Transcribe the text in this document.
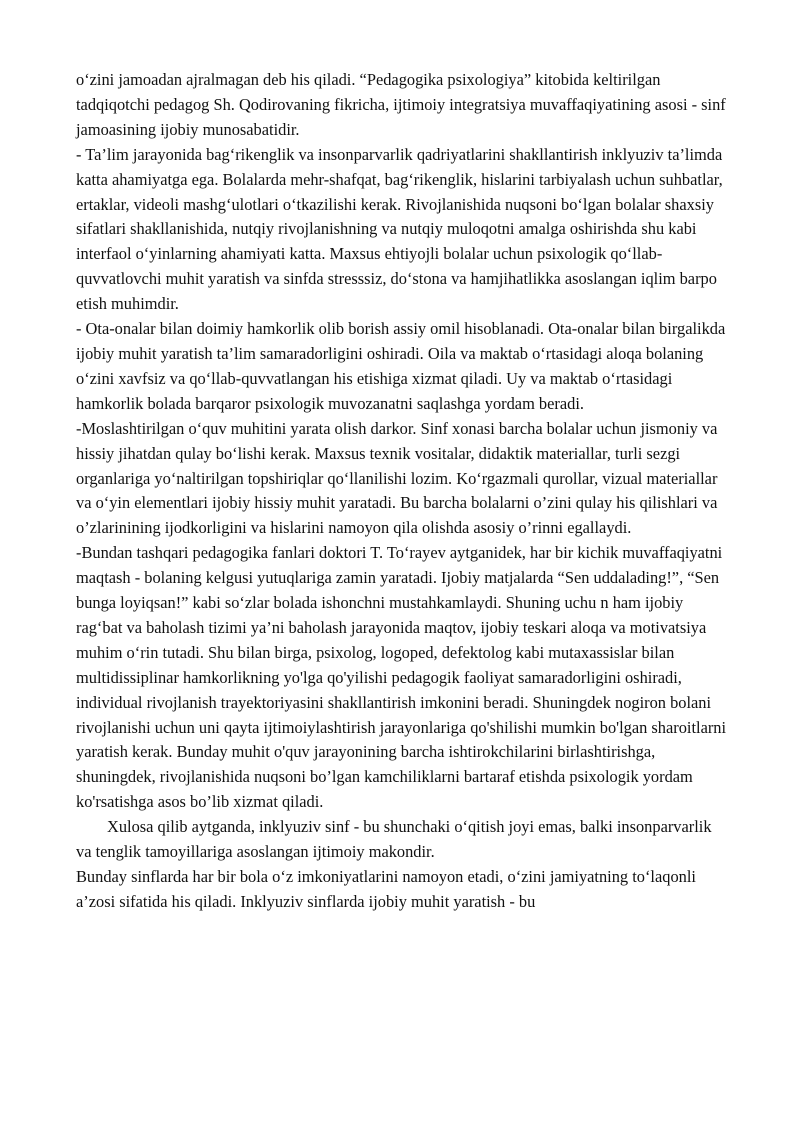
o‘zini jamoadan ajralmagan deb his qiladi. “Pedagogika psixologiya” kitobida keltirilgan tadqiqotchi pedagog Sh. Qodirovaning fikricha, ijtimoiy integratsiya muvaffaqiyatining asosi - sinf jamoasining ijobiy munosabatidir.

- Ta’lim jarayonida bag‘rikenglik va insonparvarlik qadriyatlarini shakllantirish inklyuziv ta’limda katta ahamiyatga ega. Bolalarda mehr-shafqat, bag‘rikenglik, hislarini tarbiyalash uchun suhbatlar, ertaklar, videoli mashg‘ulotlari o‘tkazilishi kerak. Rivojlanishida nuqsoni bo‘lgan bolalar shaxsiy sifatlari shakllanishida, nutqiy rivojlanishning va nutqiy muloqotni amalga oshirishda shu kabi interfaol o‘yinlarning ahamiyati katta. Maxsus ehtiyojli bolalar uchun psixologik qo‘llab-quvvatlovchi muhit yaratish va sinfda stresssiz, do‘stona va hamjihatlikka asoslangan iqlim barpo etish muhimdir.

- Ota-onalar bilan doimiy hamkorlik olib borish assiy omil hisoblanadi. Ota-onalar bilan birgalikda ijobiy muhit yaratish ta’lim samaradorligini oshiradi. Oila va maktab o‘rtasidagi aloqa bolaning o‘zini xavfsiz va qo‘llab-quvvatlangan his etishiga xizmat qiladi. Uy va maktab o‘rtasidagi hamkorlik bolada barqaror psixologik muvozanatni saqlashga yordam beradi.

-Moslashtirilgan o‘quv muhitini yarata olish darkor. Sinf xonasi barcha bolalar uchun jismoniy va hissiy jihatdan qulay bo‘lishi kerak. Maxsus texnik vositalar, didaktik materiallar, turli sezgi organlariga yo‘naltirilgan topshiriqlar qo‘llanilishi lozim. Ko‘rgazmali qurollar, vizual materiallar va o‘yin elementlari ijobiy hissiy muhit yaratadi. Bu barcha bolalarni o’zini qulay his qilishlari va o’zlarinining ijodkorligini va hislarini namoyon qila olishda asosiy o’rinni egallaydi.

-Bundan tashqari pedagogika fanlari doktori T. To‘rayev aytganidek, har bir kichik muvaffaqiyatni maqtash - bolaning kelgusi yutuqlariga zamin yaratadi. Ijobiy matjalarda “Sen uddalading!”, “Sen bunga loyiqsan!” kabi so‘zlar bolada ishonchni mustahkamlaydi. Shuning uchu n ham ijobiy rag‘bat va baholash tizimi ya’ni baholash jarayonida maqtov, ijobiy teskari aloqa va motivatsiya muhim o‘rin tutadi. Shu bilan birga, psixolog, logoped, defektolog kabi mutaxassislar bilan multidissiplinar hamkorlikning yo'lga qo'yilishi pedagogik faoliyat samaradorligini oshiradi, individual rivojlanish trayektoriyasini shakllantirish imkonini beradi. Shuningdek nogiron bolani rivojlanishi uchun uni qayta ijtimoiylashtirish jarayonlariga qo'shilishi mumkin bo'lgan sharoitlarni yaratish kerak. Bunday muhit o'quv jarayonining barcha ishtirokchilarini birlashtirishga, shuningdek, rivojlanishida nuqsoni bo’lgan kamchiliklarni bartaraf etishda psixologik yordam ko'rsatishga asos bo’lib xizmat qiladi.

Xulosa qilib aytganda, inklyuziv sinf - bu shunchaki o‘qitish joyi emas, balki insonparvarlik va tenglik tamoyillariga asoslangan ijtimoiy makondir.

Bunday sinflarda har bir bola o‘z imkoniyatlarini namoyon etadi, o‘zini jamiyatning to‘laqonli a’zosi sifatida his qiladi. Inklyuziv sinflarda ijobiy muhit yaratish - bu
